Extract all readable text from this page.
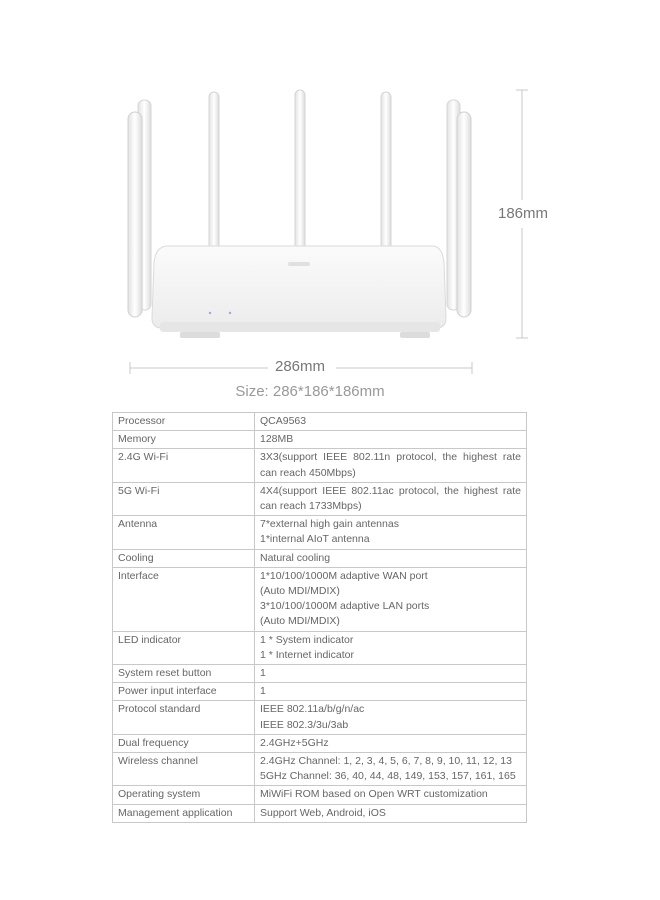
186mm
286mm
Size: 286*186*186mm
Processor	QCA9563

Memory	128MB

2.4G Wi-Fi	3X3(support IEEE 802.11n protocol, the highest rate can reach 450Mbps)

5G Wi-Fi	4X4(support IEEE 802.11ac protocol, the highest rate can reach 1733Mbps)

Antenna	7*external high gain antennas
1*internal AIoT antenna

Cooling	Natural cooling

Interface	1*10/100/1000M adaptive WAN port
(Auto MDI/MDIX)
3*10/100/1000M adaptive LAN ports
(Auto MDI/MDIX)

LED indicator	1 * System indicator
1 * Internet indicator

System reset button	1

Power input interface	1

Protocol standard	IEEE 802.11a/b/g/n/ac
IEEE 802.3/3u/3ab

Dual frequency	2.4GHz+5GHz

Wireless channel	2.4GHz Channel: 1, 2, 3, 4, 5, 6, 7, 8, 9, 10, 11, 12, 13
5GHz Channel: 36, 40, 44, 48, 149, 153, 157, 161, 165

Operating system	MiWiFi ROM based on Open WRT customization

Management application	Support Web, Android, iOS
